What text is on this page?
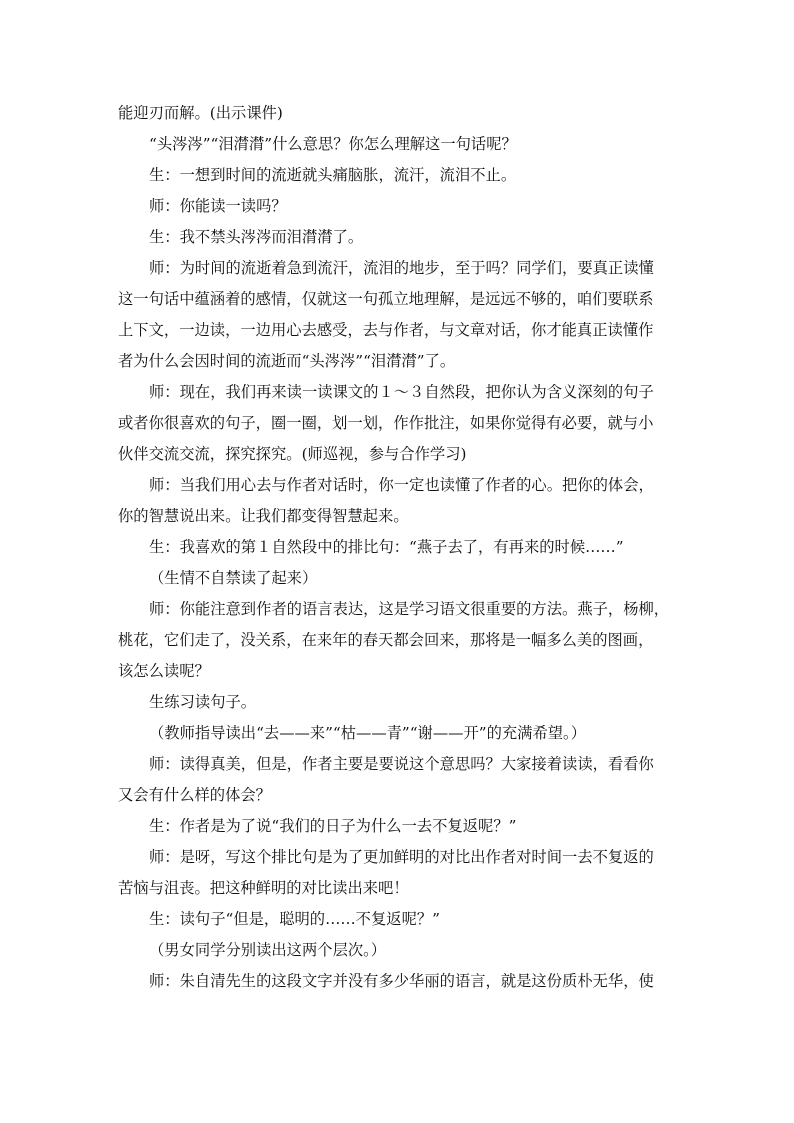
能迎刃而解。(出示课件)
“头涔涔”“泪潸潸”什么意思？你怎么理解这一句话呢？
生：一想到时间的流逝就头痛脑胀，流汗，流泪不止。
师：你能读一读吗？
生：我不禁头涔涔而泪潸潸了。
师：为时间的流逝着急到流汗，流泪的地步，至于吗？同学们，要真正读懂
这一句话中蕴涵着的感情，仅就这一句孤立地理解，是远远不够的，咱们要联系
上下文，一边读，一边用心去感受，去与作者，与文章对话，你才能真正读懂作
者为什么会因时间的流逝而“头涔涔”“泪潸潸”了。
师：现在，我们再来读一读课文的１～３自然段，把你认为含义深刻的句子
或者你很喜欢的句子，圈一圈，划一划，作作批注，如果你觉得有必要，就与小
伙伴交流交流，探究探究。(师巡视，参与合作学习)
师：当我们用心去与作者对话时，你一定也读懂了作者的心。把你的体会，
你的智慧说出来。让我们都变得智慧起来。
生：我喜欢的第１自然段中的排比句：“燕子去了，有再来的时候……”
（生情不自禁读了起来）
师：你能注意到作者的语言表达，这是学习语文很重要的方法。燕子，杨柳，
桃花，它们走了，没关系，在来年的春天都会回来，那将是一幅多么美的图画，
该怎么读呢？
生练习读句子。
（教师指导读出“去——来”“枯——青”“谢——开”的充满希望。）
师：读得真美，但是，作者主要是要说这个意思吗？大家接着读读，看看你
又会有什么样的体会？
生：作者是为了说“我们的日子为什么一去不复返呢？”
师：是呀，写这个排比句是为了更加鲜明的对比出作者对时间一去不复返的
苦恼与沮丧。把这种鲜明的对比读出来吧！
生：读句子“但是，聪明的……不复返呢？”
（男女同学分别读出这两个层次。）
师：朱自清先生的这段文字并没有多少华丽的语言，就是这份质朴无华，使
